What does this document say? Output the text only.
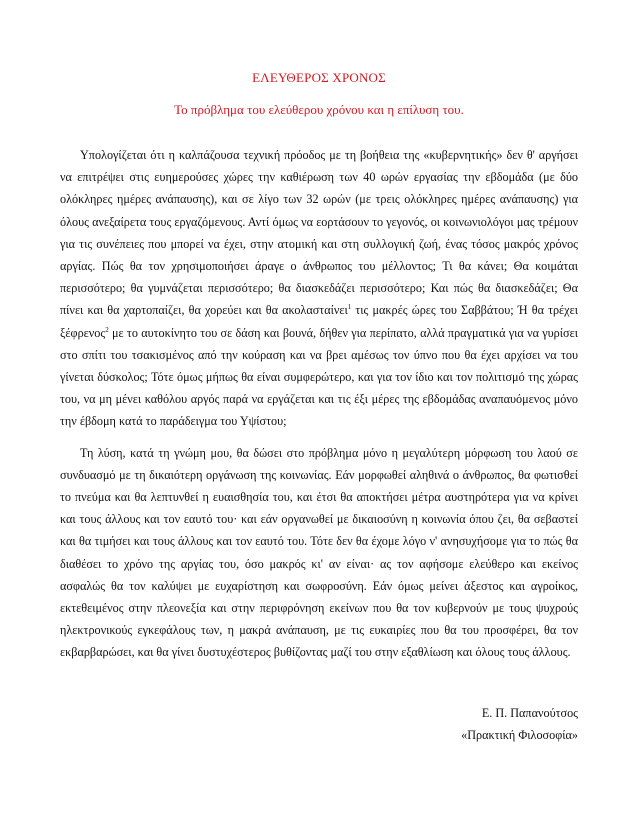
ΕΛΕΥΘΕΡΟΣ ΧΡΟΝΟΣ
Το πρόβλημα του ελεύθερου χρόνου και η επίλυση του.

Υπολογίζεται ότι η καλπάζουσα τεχνική πρόοδος με τη βοήθεια της «κυβερνητικής» δεν θ' αργήσει να επιτρέψει στις ευημερούσες χώρες την καθιέρωση των 40 ωρών εργασίας την εβδομάδα (με δύο ολόκληρες ημέρες ανάπαυσης), και σε λίγο των 32 ωρών (με τρεις ολόκληρες ημέρες ανάπαυσης) για όλους ανεξαίρετα τους εργαζόμενους. Αντί όμως να εορτάσουν το γεγονός, οι κοινωνιολόγοι μας τρέμουν για τις συνέπειες που μπορεί να έχει, στην ατομική και στη συλλογική ζωή, ένας τόσος μακρός χρόνος αργίας. Πώς θα τον χρησιμοποιήσει άραγε ο άνθρωπος του μέλλοντος; Τι θα κάνει; Θα κοιμάται περισσότερο; θα γυμνάζεται περισσότερο; θα διασκεδάζει περισσότερο; Και πώς θα διασκεδάζει; Θα πίνει και θα χαρτοπαίζει, θα χορεύει και θα ακολασταίνει$^1$ τις μακρές ώρες του Σαββάτου; Ή θα τρέχει ξέφρενος$^2$ με το αυτοκίνητο του σε δάση και βουνά, δήθεν για περίπατο, αλλά πραγματικά για να γυρίσει στο σπίτι του τσακισμένος από την κούραση και να βρει αμέσως τον ύπνο που θα έχει αρχίσει να του γίνεται δύσκολος; Τότε όμως μήπως θα είναι συμφερώτερο, και για τον ίδιο και τον πολιτισμό της χώρας του, να μη μένει καθόλου αργός παρά να εργάζεται και τις έξι μέρες της εβδομάδας αναπαυόμενος μόνο την έβδομη κατά το παράδειγμα του Υψίστου;

Τη λύση, κατά τη γνώμη μου, θα δώσει στο πρόβλημα μόνο η μεγαλύτερη μόρφωση του λαού σε συνδυασμό με τη δικαιότερη οργάνωση της κοινωνίας. Εάν μορφωθεί αληθινά ο άνθρωπος, θα φωτισθεί το πνεύμα και θα λεπτυνθεί η ευαισθησία του, και έτσι θα αποκτήσει μέτρα αυστηρότερα για να κρίνει και τους άλλους και τον εαυτό του· και εάν οργανωθεί με δικαιοσύνη η κοινωνία όπου ζει, θα σεβαστεί και θα τιμήσει και τους άλλους και τον εαυτό του. Τότε δεν θα έχομε λόγο ν' ανησυχήσομε για το πώς θα διαθέσει το χρόνο της αργίας του, όσο μακρός κι' αν είναι· ας τον αφήσομε ελεύθερο και εκείνος ασφαλώς θα τον καλύψει με ευχαρίστηση και σωφροσύνη. Εάν όμως μείνει άξεστος και αγροίκος, εκτεθειμένος στην πλεονεξία και στην περιφρόνηση εκείνων που θα τον κυβερνούν με τους ψυχρούς ηλεκτρονικούς εγκεφάλους των, η μακρά ανάπαυση, με τις ευκαιρίες που θα του προσφέρει, θα τον εκβαρβαρώσει, και θα γίνει δυστυχέστερος βυθίζοντας μαζί του στην εξαθλίωση και όλους τους άλλους.

Ε. Π. Παπανούτσος
«Πρακτική Φιλοσοφία»
